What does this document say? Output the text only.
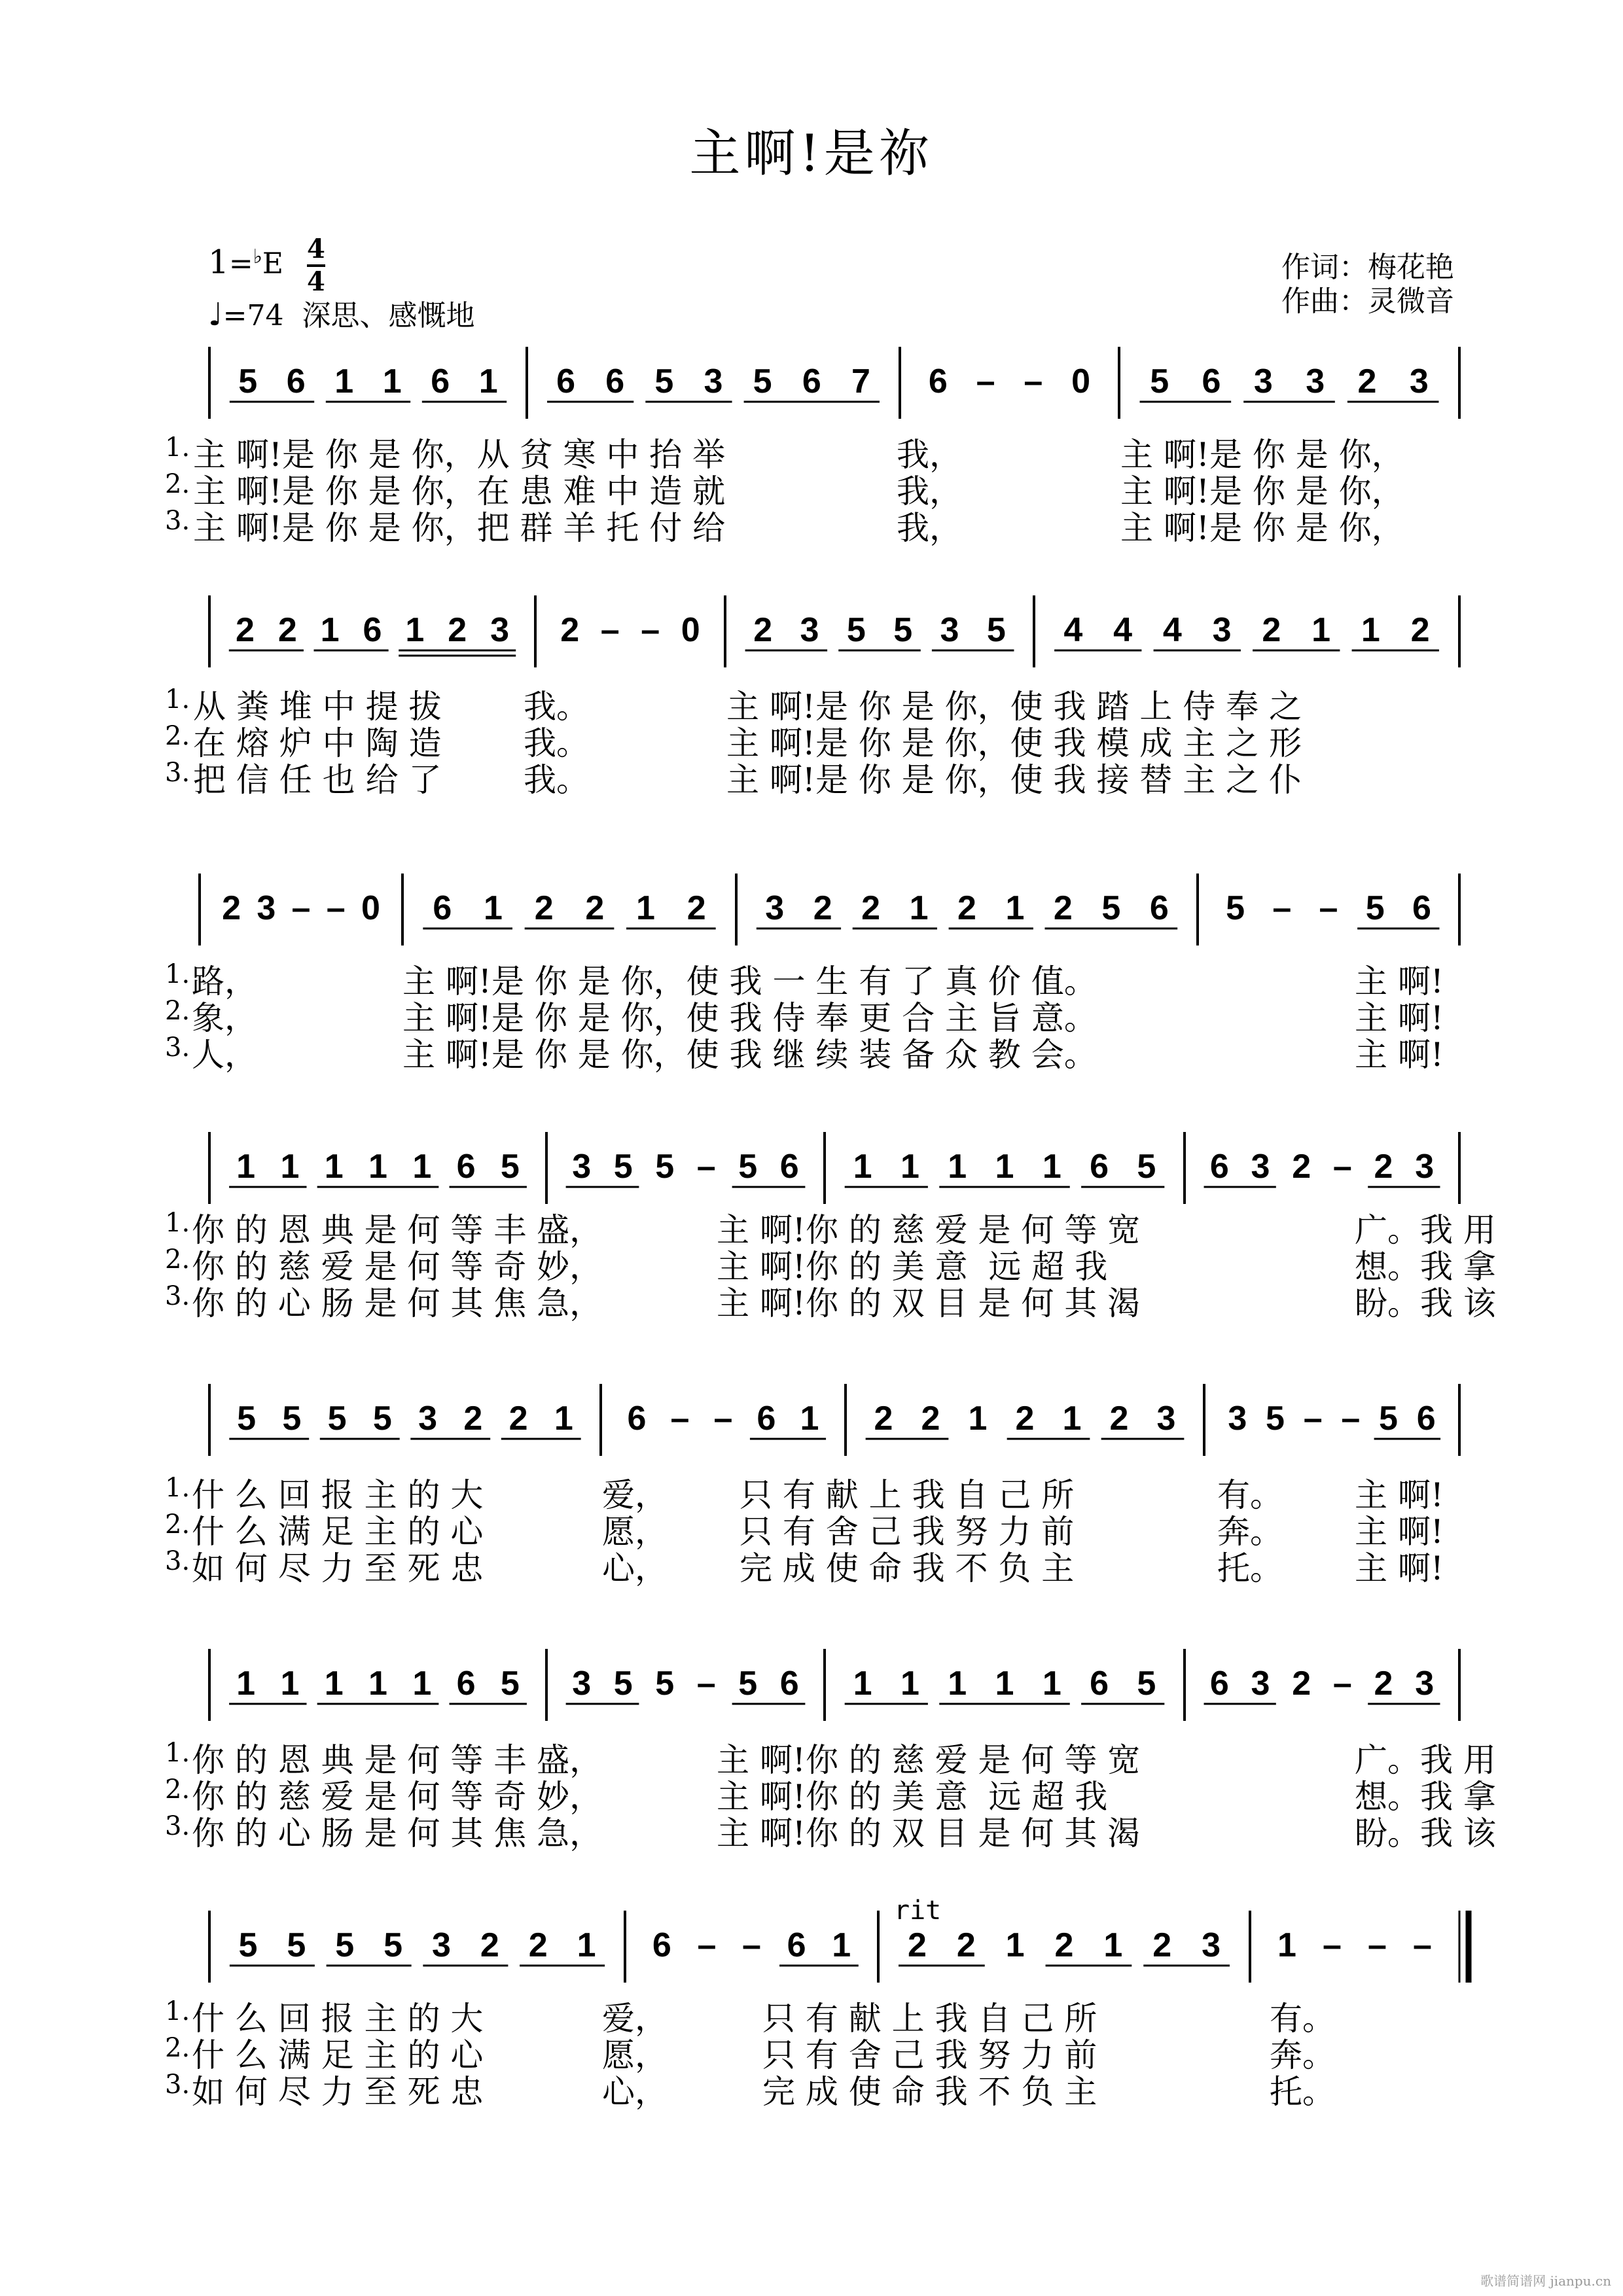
主啊!是祢
$1=^♭E \frac{4}{4}$
♩=74 深思、感慨地
作词：梅花艳
作曲：灵微音
5 6 1 1 6 1 6 6 5 3 5 6 7 6 – – 0 5 6 3 3 2 3
2 2 1 6 1 2 3 2 – – 0 2 3 5 5 3 5 4 4 4 3 2 1 1 2
2 3 – – 0 6 1 2 2 1 2 3 2 2 1 2 1 2 5 6 5 – – 5 6
1 1 1 1 1 6 5 3 5 5 – 5 6 1 1 1 1 1 6 5 6 3 2 – 2 3
5 5 5 5 3 2 2 1 6 – – 6 1 2 2 1 2 1 2 3 3 5 – – 5 6
1 1 1 1 1 6 5 3 5 5 – 5 6 1 1 1 1 1 6 5 6 3 2 – 2 3
5 5 5 5 3 2 2 1 6 – – 6 1 2 2 1 2 1 2 3 1 – – –
1. 主 啊!是 你 是 你，从 贫 寒 中 抬 举	我，	主 啊!是 你 是 你，
2. 主 啊!是 你 是 你，在 患 难 中 造 就	我，	主 啊!是 你 是 你，
3. 主 啊!是 你 是 你，把 群 羊 托 付 给	我，	主 啊!是 你 是 你，
1. 从 粪 堆 中 提 拔	我。	主 啊!是 你 是 你，使 我 踏 上 侍 奉 之
2. 在 熔 炉 中 陶 造	我。	主 啊!是 你 是 你，使 我 模 成 主 之 形
3. 把 信 任 也 给 了	我。	主 啊!是 你 是 你，使 我 接 替 主 之 仆
1. 路，	主 啊!是 你 是 你，使 我 一 生 有 了 真 价 值。	主 啊!
2. 象，	主 啊!是 你 是 你，使 我 侍 奉 更 合 主 旨 意。	主 啊!
3. 人，	主 啊!是 你 是 你，使 我 继 续 装 备 众 教 会。	主 啊!
1. 你 的 恩 典 是 何 等 丰 盛，	主 啊!你 的 慈 爱 是 何 等 宽	广。我 用
2. 你 的 慈 爱 是 何 等 奇 妙，	主 啊!你 的 美 意  远 超 我	想。我 拿
3. 你 的 心 肠 是 何 其 焦 急，	主 啊!你 的 双 目 是 何 其 渴	盼。我 该
1. 什 么 回 报 主 的 大	爱， 只 有 献 上 我 自 己 所	有。 主 啊!
2. 什 么 满 足 主 的 心	愿， 只 有 舍 己 我 努 力 前	奔。 主 啊!
3. 如 何 尽 力 至 死 忠	心， 完 成 使 命 我 不 负 主	托。 主 啊!
1. 你 的 恩 典 是 何 等 丰 盛，	主 啊!你 的 慈 爱 是 何 等 宽	广。我 用
2. 你 的 慈 爱 是 何 等 奇 妙，	主 啊!你 的 美 意  远 超 我	想。我 拿
3. 你 的 心 肠 是 何 其 焦 急，	主 啊!你 的 双 目 是 何 其 渴	盼。我 该
1. 什 么 回 报 主 的 大	爱，	只 有 献 上 我 自 己 所	有。
2. 什 么 满 足 主 的 心	愿，	只 有 舍 己 我 努 力 前	奔。
3. 如 何 尽 力 至 死 忠	心，	完 成 使 命 我 不 负 主	托。
rit
歌谱简谱网 jianpu.cn
